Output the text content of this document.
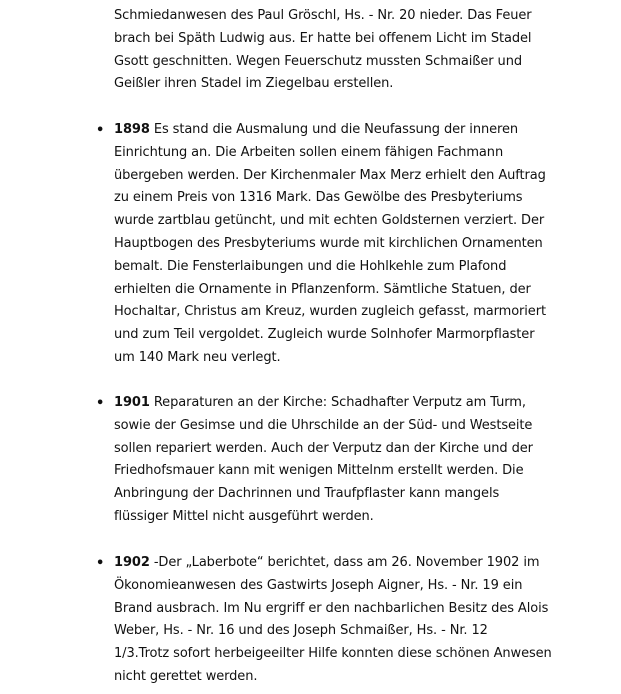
Schmiedanwesen des Paul Gröschl, Hs. - Nr. 20 nieder. Das Feuer
brach bei Späth Ludwig aus. Er hatte bei offenem Licht im Stadel
Gsott geschnitten. Wegen Feuerschutz mussten Schmaißer und
Geißler ihren Stadel im Ziegelbau erstellen.
• 1898 Es stand die Ausmalung und die Neufassung der inneren
Einrichtung an. Die Arbeiten sollen einem fähigen Fachmann
übergeben werden. Der Kirchenmaler Max Merz erhielt den Auftrag
zu einem Preis von 1316 Mark. Das Gewölbe des Presbyteriums
wurde zartblau getüncht, und mit echten Goldsternen verziert. Der
Hauptbogen des Presbyteriums wurde mit kirchlichen Ornamenten
bemalt. Die Fensterlaibungen und die Hohlkehle zum Plafond
erhielten die Ornamente in Pflanzenform. Sämtliche Statuen, der
Hochaltar, Christus am Kreuz, wurden zugleich gefasst, marmoriert
und zum Teil vergoldet. Zugleich wurde Solnhofer Marmorpflaster
um 140 Mark neu verlegt.
• 1901 Reparaturen an der Kirche: Schadhafter Verputz am Turm,
sowie der Gesimse und die Uhrschilde an der Süd- und Westseite
sollen repariert werden. Auch der Verputz dan der Kirche und der
Friedhofsmauer kann mit wenigen Mittelnm erstellt werden. Die
Anbringung der Dachrinnen und Traufpflaster kann mangels
flüssiger Mittel nicht ausgeführt werden.
• 1902 -Der „Laberbote“ berichtet, dass am 26. November 1902 im
Ökonomieanwesen des Gastwirts Joseph Aigner, Hs. - Nr. 19 ein
Brand ausbrach. Im Nu ergriff er den nachbarlichen Besitz des Alois
Weber, Hs. - Nr. 16 und des Joseph Schmaißer, Hs. - Nr. 12
1/3.Trotz sofort herbeigeeilter Hilfe konnten diese schönen Anwesen
nicht gerettet werden.
